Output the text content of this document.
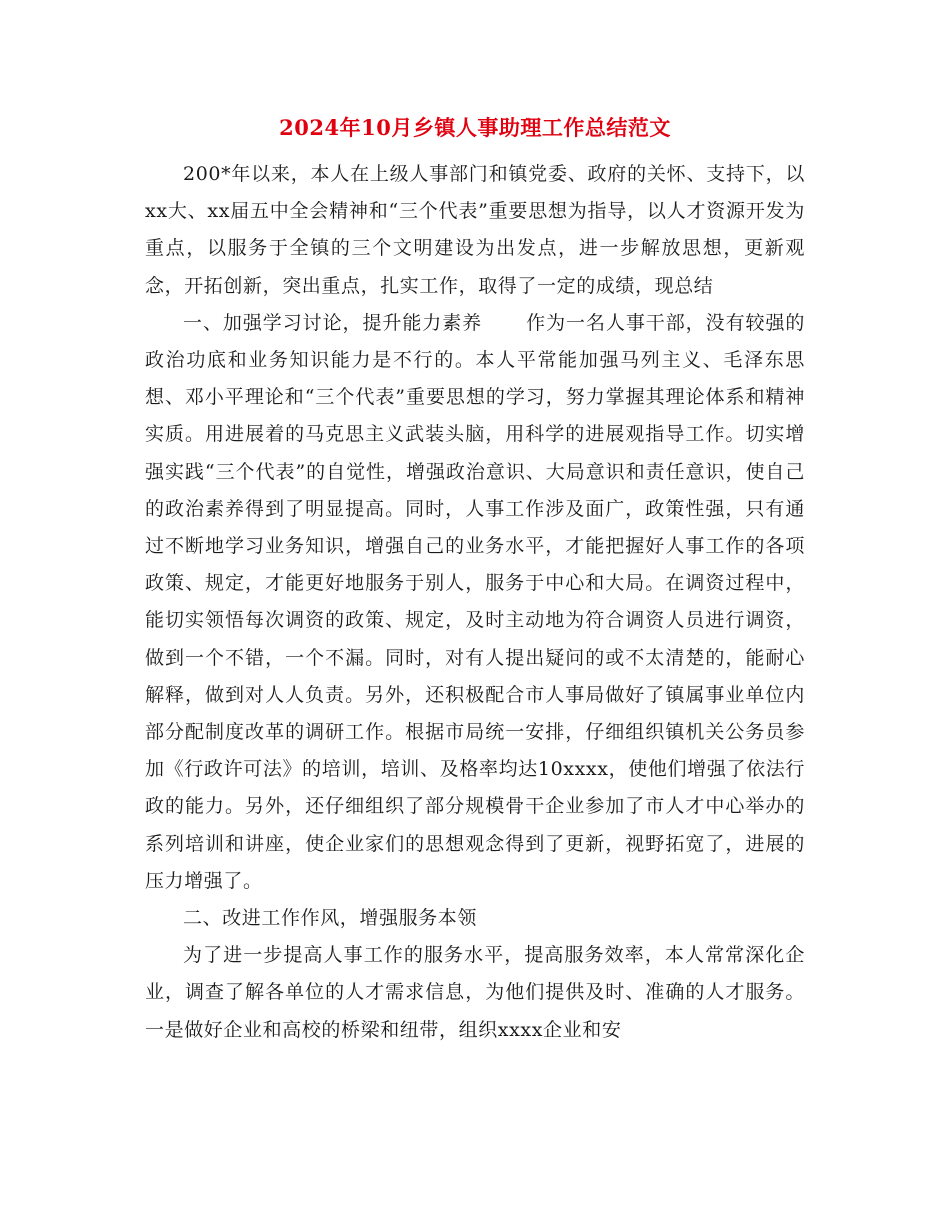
2024年10月乡镇人事助理工作总结范文

200*年以来，本人在上级人事部门和镇党委、政府的关怀、支持下，以xx大、xx届五中全会精神和“三个代表”重要思想为指导，以人才资源开发为重点，以服务于全镇的三个文明建设为出发点，进一步解放思想，更新观念，开拓创新，突出重点，扎实工作，取得了一定的成绩，现总结

一、加强学习讨论，提升能力素养 作为一名人事干部，没有较强的政治功底和业务知识能力是不行的。本人平常能加强马列主义、毛泽东思想、邓小平理论和“三个代表”重要思想的学习，努力掌握其理论体系和精神实质。用进展着的马克思主义武装头脑，用科学的进展观指导工作。切实增强实践“三个代表”的自觉性，增强政治意识、大局意识和责任意识，使自己的政治素养得到了明显提高。同时，人事工作涉及面广，政策性强，只有通过不断地学习业务知识，增强自己的业务水平，才能把握好人事工作的各项政策、规定，才能更好地服务于别人，服务于中心和大局。在调资过程中，能切实领悟每次调资的政策、规定，及时主动地为符合调资人员进行调资，做到一个不错，一个不漏。同时，对有人提出疑问的或不太清楚的，能耐心解释，做到对人人负责。另外，还积极配合市人事局做好了镇属事业单位内部分配制度改革的调研工作。根据市局统一安排，仔细组织镇机关公务员参加《行政许可法》的培训，培训、及格率均达10xxxx，使他们增强了依法行政的能力。另外，还仔细组织了部分规模骨干企业参加了市人才中心举办的系列培训和讲座，使企业家们的思想观念得到了更新，视野拓宽了，进展的压力增强了。

二、改进工作作风，增强服务本领

为了进一步提高人事工作的服务水平，提高服务效率，本人常常深化企业，调查了解各单位的人才需求信息，为他们提供及时、准确的人才服务。一是做好企业和高校的桥梁和纽带，组织xxxx企业和安
